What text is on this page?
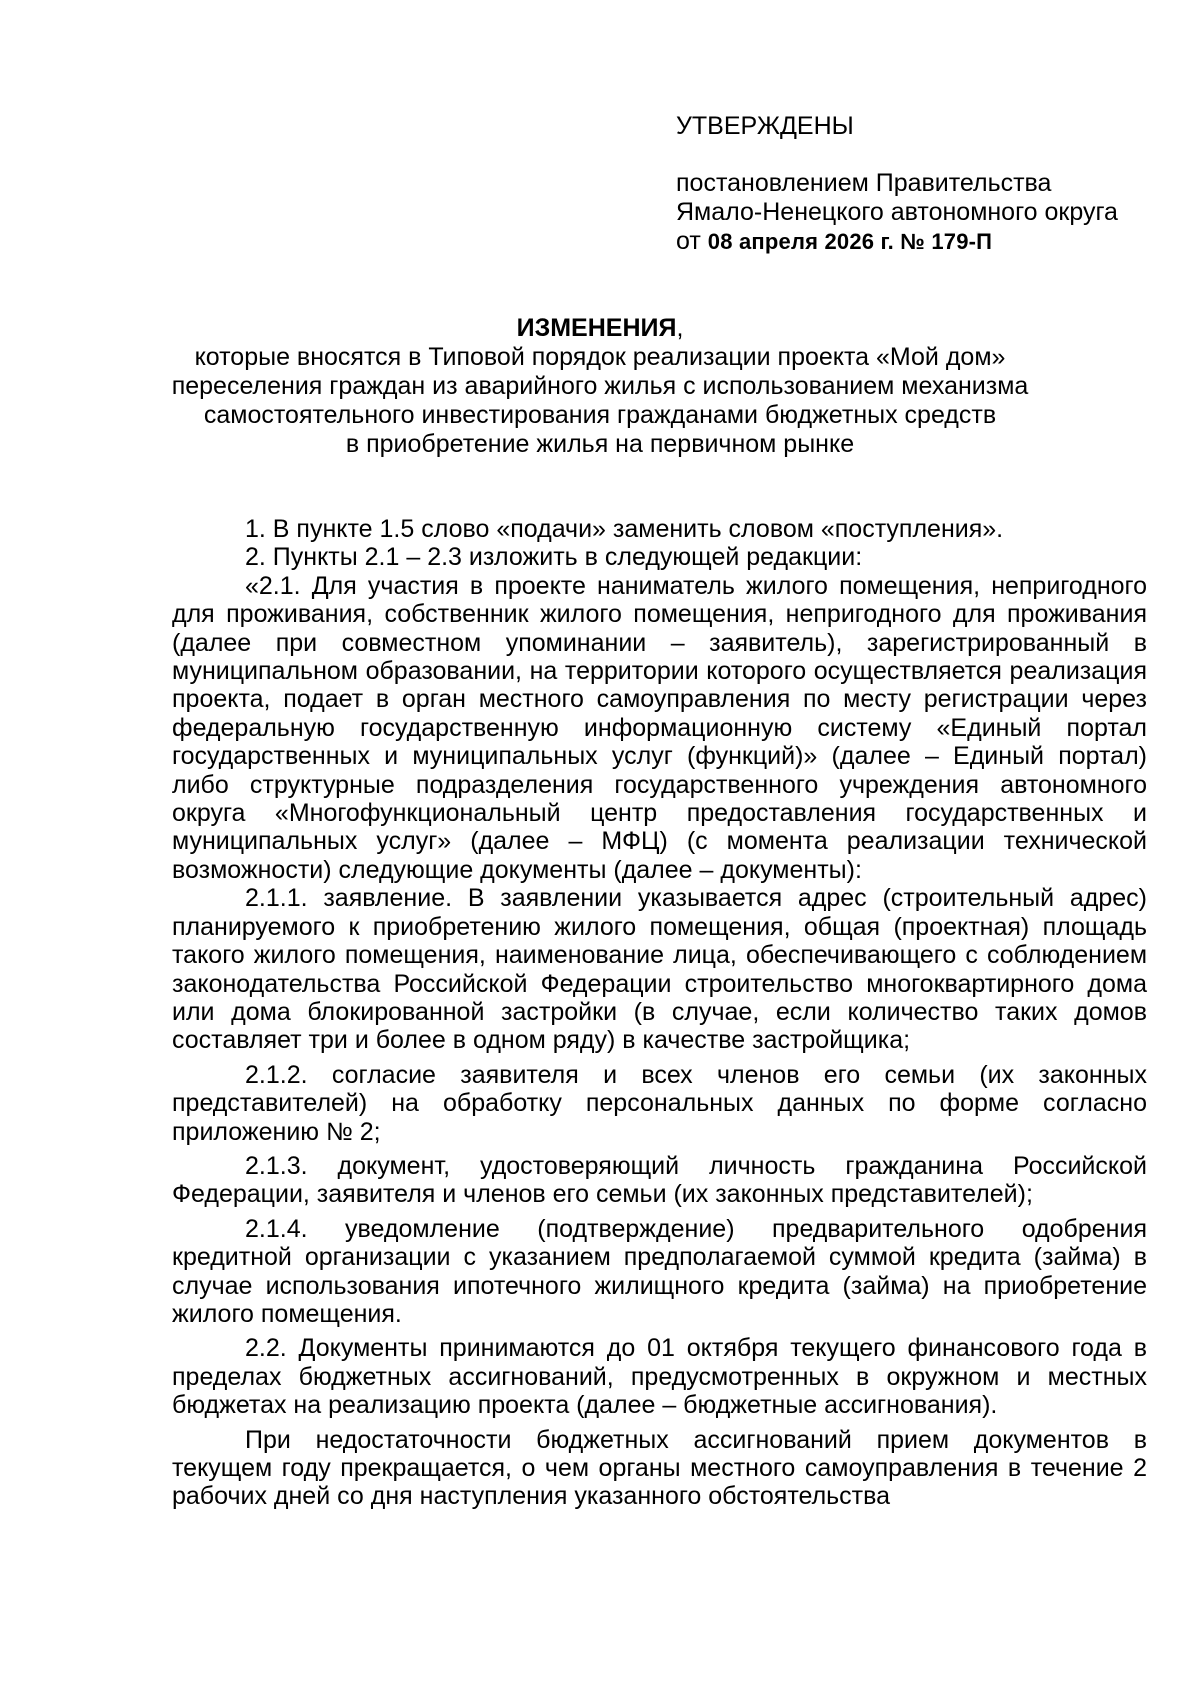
УТВЕРЖДЕНЫ
постановлением Правительства
Ямало-Ненецкого автономного округа
от 08 апреля 2026 г. № 179-П
ИЗМЕНЕНИЯ,
которые вносятся в Типовой порядок реализации проекта «Мой дом»
переселения граждан из аварийного жилья с использованием механизма
самостоятельного инвестирования гражданами бюджетных средств
в приобретение жилья на первичном рынке

1. В пункте 1.5 слово «подачи» заменить словом «поступления».

2. Пункты 2.1 – 2.3 изложить в следующей редакции:

«2.1. Для участия в проекте наниматель жилого помещения, непригодного для проживания, собственник жилого помещения, непригодного для проживания (далее при совместном упоминании – заявитель), зарегистрированный в муниципальном образовании, на территории которого осуществляется реализация проекта, подает в орган местного самоуправления по месту регистрации через федеральную государственную информационную систему «Единый портал государственных и муниципальных услуг (функций)» (далее – Единый портал) либо структурные подразделения государственного учреждения автономного округа «Многофункциональный центр предоставления государственных и муниципальных услуг» (далее – МФЦ) (с момента реализации технической возможности) следующие документы (далее – документы):

2.1.1. заявление. В заявлении указывается адрес (строительный адрес) планируемого к приобретению жилого помещения, общая (проектная) площадь такого жилого помещения, наименование лица, обеспечивающего с соблюдением законодательства Российской Федерации строительство многоквартирного дома или дома блокированной застройки (в случае, если количество таких домов составляет три и более в одном ряду) в качестве застройщика;

2.1.2. согласие заявителя и всех членов его семьи (их законных представителей) на обработку персональных данных по форме согласно приложению № 2;

2.1.3. документ, удостоверяющий личность гражданина Российской Федерации, заявителя и членов его семьи (их законных представителей);

2.1.4. уведомление (подтверждение) предварительного одобрения кредитной организации с указанием предполагаемой суммой кредита (займа) в случае использования ипотечного жилищного кредита (займа) на приобретение жилого помещения.

2.2. Документы принимаются до 01 октября текущего финансового года в пределах бюджетных ассигнований, предусмотренных в окружном и местных бюджетах на реализацию проекта (далее – бюджетные ассигнования).

При недостаточности бюджетных ассигнований прием документов в текущем году прекращается, о чем органы местного самоуправления в течение 2 рабочих дней со дня наступления указанного обстоятельства
